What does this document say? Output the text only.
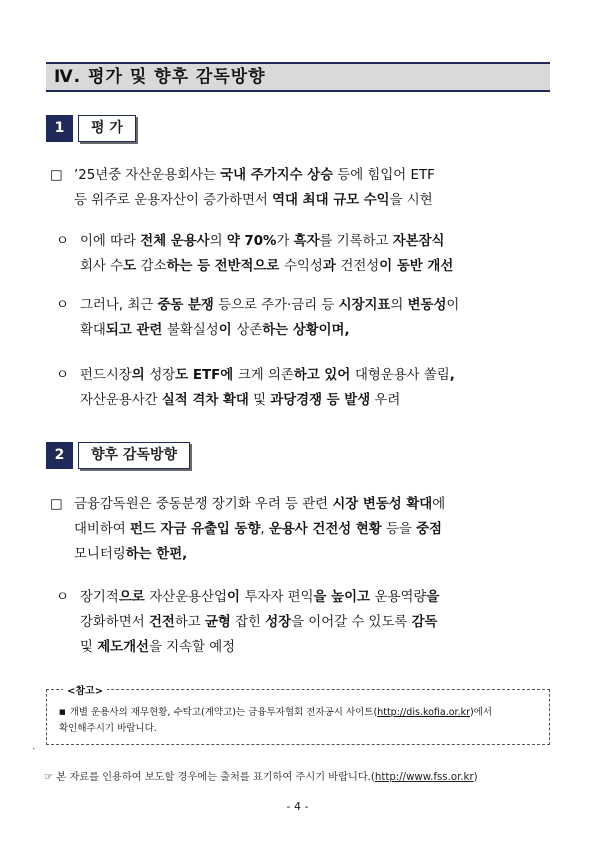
Ⅳ. 평가 및 향후 감독방향
1	평 가
□ ’25년중 자산운용회사는 국내 주가지수 상승 등에 힘입어 ETF
등 위주로 운용자산이 증가하면서 역대 최대 규모 수익을 시현
ㅇ 이에 따라 전체 운용사의 약 70%가 흑자를 기록하고 자본잠식
회사 수도 감소하는 등 전반적으로 수익성과 건전성이 동반 개선
ㅇ 그러나, 최근 중동 분쟁 등으로 주가·금리 등 시장지표의 변동성이
확대되고 관련 불확실성이 상존하는 상황이며,
ㅇ 펀드시장의 성장도 ETF에 크게 의존하고 있어 대형운용사 쏠림,
자산운용사간 실적 격차 확대 및 과당경쟁 등 발생 우려
2	향후 감독방향
□ 금융감독원은 중동분쟁 장기화 우려 등 관련 시장 변동성 확대에
대비하여 펀드 자금 유출입 동향, 운용사 건전성 현황 등을 중점
모니터링하는 한편,
ㅇ 장기적으로 자산운용산업이 투자자 편익을 높이고 운용역량을
강화하면서 건전하고 균형 잡힌 성장을 이어갈 수 있도록 감독
및 제도개선을 지속할 예정
<참고>
■ 개별 운용사의 재무현황, 수탁고(계약고)는 금융투자협회 전자공시 사이트(http://dis.kofia.or.kr)에서
확인해주시기 바랍니다.
`
☞ 본 자료를 인용하여 보도할 경우에는 출처를 표기하여 주시기 바랍니다.(http://www.fss.or.kr)
- 4 -
